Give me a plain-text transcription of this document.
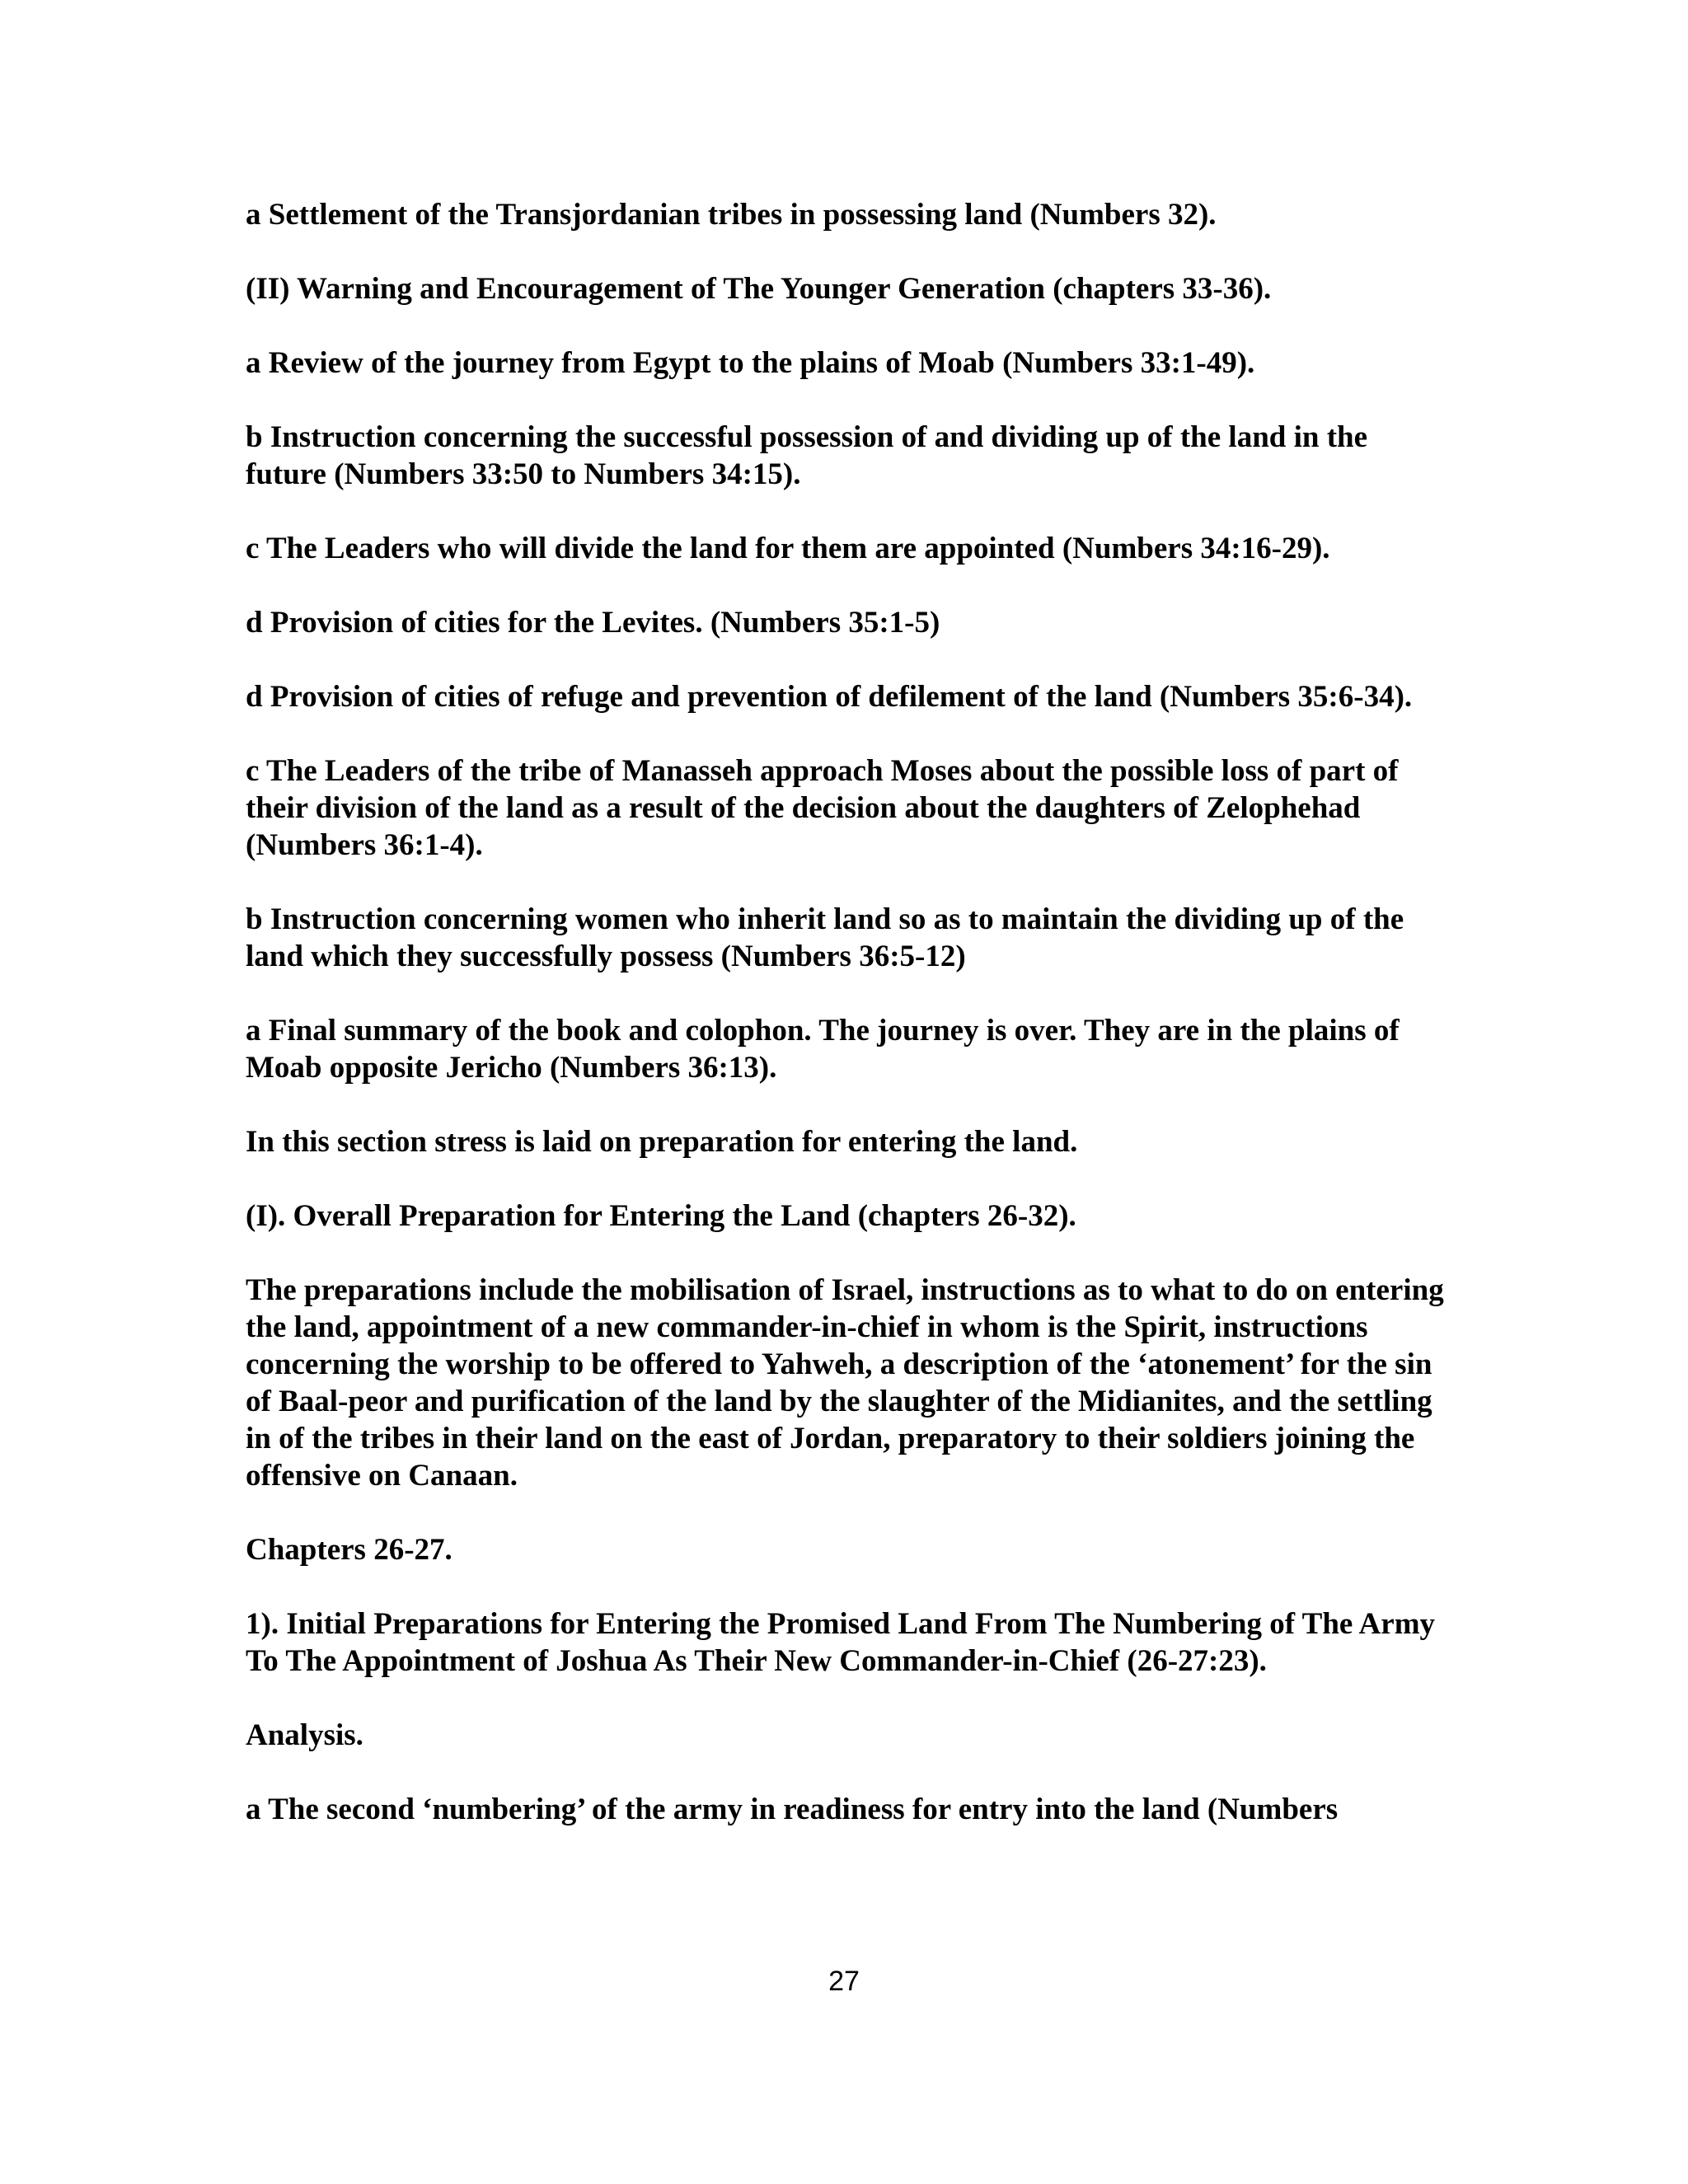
a Settlement of the Transjordanian tribes in possessing land (Numbers 32).

(II) Warning and Encouragement of The Younger Generation (chapters 33-36).

a Review of the journey from Egypt to the plains of Moab (Numbers 33:1-49).

b Instruction concerning the successful possession of and dividing up of the land in the future (Numbers 33:50 to Numbers 34:15).

c The Leaders who will divide the land for them are appointed (Numbers 34:16-29).

d Provision of cities for the Levites. (Numbers 35:1-5)

d Provision of cities of refuge and prevention of defilement of the land (Numbers 35:6-34).

c The Leaders of the tribe of Manasseh approach Moses about the possible loss of part of their division of the land as a result of the decision about the daughters of Zelophehad (Numbers 36:1-4).

b Instruction concerning women who inherit land so as to maintain the dividing up of the land which they successfully possess (Numbers 36:5-12)

a Final summary of the book and colophon. The journey is over. They are in the plains of Moab opposite Jericho (Numbers 36:13).

In this section stress is laid on preparation for entering the land.

(I). Overall Preparation for Entering the Land (chapters 26-32).

The preparations include the mobilisation of Israel, instructions as to what to do on entering the land, appointment of a new commander-in-chief in whom is the Spirit, instructions concerning the worship to be offered to Yahweh, a description of the ‘atonement’ for the sin of Baal-peor and purification of the land by the slaughter of the Midianites, and the settling in of the tribes in their land on the east of Jordan, preparatory to their soldiers joining the offensive on Canaan.

Chapters 26-27.

1). Initial Preparations for Entering the Promised Land From The Numbering of The Army To The Appointment of Joshua As Their New Commander-in-Chief (26-27:23).

Analysis.

a The second ‘numbering’ of the army in readiness for entry into the land (Numbers

27
